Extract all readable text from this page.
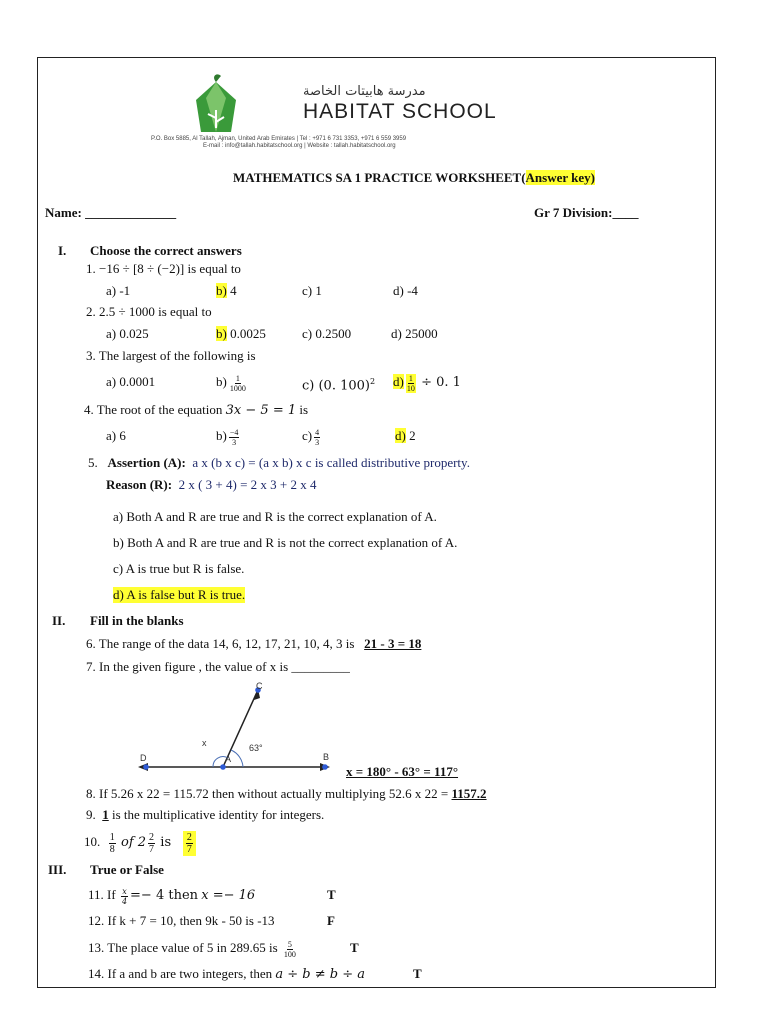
مدرسة هابيتات الخاصة
HABITAT SCHOOL
P.O. Box 5885, Al Tallah, Ajman, United Arab Emirates | Tel : +971 6 731 3353, +971 6 559 3959
E-mail : info@tallah.habitatschool.org | Website : tallah.habitatschool.org
MATHEMATICS SA 1 PRACTICE WORKSHEET(Answer key)
Name: ______________	Gr 7 Division:____
I. Choose the correct answers
1. −16 ÷ [8 ÷ (−2)] is equal to
a) -1	b) 4	c) 1	d) -4
2. 2.5 ÷ 1000 is equal to
a) 0.025	b) 0.0025	c) 0.2500	d) 25000
3. The largest of the following is
a) 0.0001	$b) \frac{1}{1000}$	c) (0. 100)$^2$ $d) \frac{1}{10} \div 0$. 1
4. The root of the equation 3x − 5 = 1 is
a) 6	$b) \frac{-4}{3}$	$c) \frac{4}{3}$	d) 2
5. Assertion (A): a x (b x c) = (a x b) x c is called distributive property.
Reason (R): 2 x ( 3 + 4) = 2 x 3 + 2 x 4
a) Both A and R are true and R is the correct explanation of A.
b) Both A and R are true and R is not the correct explanation of A.
c) A is true but R is false.
d) A is false but R is true.
II. Fill in the blanks
6. The range of the data 14, 6, 12, 17, 21, 10, 4, 3 is 21 - 3 = 18
7. In the given figure , the value of x is _________
D	A	B
C
x	63°
x = 180° - 63° = 117°
8. If 5.26 x 22 = 115.72 then without actually multiplying 52.6 x 22 = 1157.2
9. 1 is the multiplicative identity for integers.
10. $\frac{1}{8}$ of $2 \frac{2}{7}$ is $\frac{2}{7}$
III. True or False
11. If $\frac{x}{4} =- 4$ then x =− 16	T
12. If k + 7 = 10, then 9k - 50 is -13	F
13. The place value of 5 in 289.65 is $\frac{5}{100}$	T
14. If a and b are two integers, then a ÷ b ≠ b ÷ a	T
